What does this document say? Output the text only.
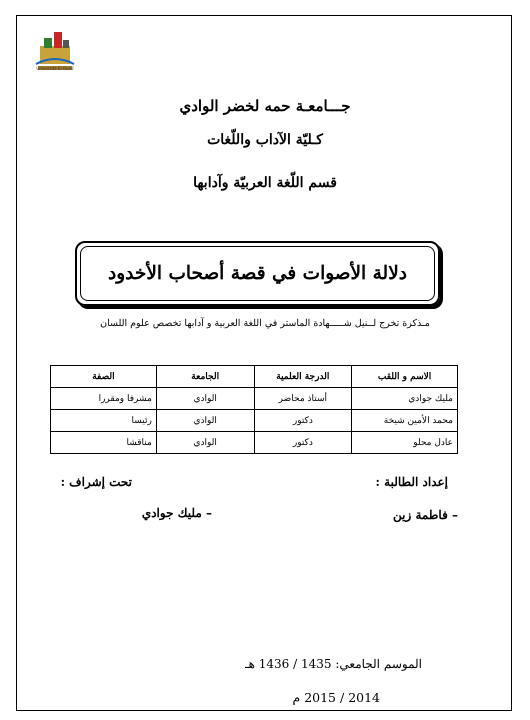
Université El Oued
جـــامعـة حمه لخضر الوادي
كـليّة الآداب واللّغات
قسم اللّغة العربيّة وآدابها
دلالة الأصوات في قصة أصحاب الأخدود
مـذكرة تخرج لــنيل شـــــهادة الماستر في اللغة العربية و آدابها تخصص علوم اللسان
الاسم و اللقب	الدرجة العلمية	الجامعة	الصفة
مليك جوادي	أستاذ محاضر	الوادي	مشرفا ومقررا
محمد الأمين شيخة	دكتور	الوادي	رئيسا
عادل محلو	دكتور	الوادي	مناقشا
إعداد الطالبة :
تحت إشراف :
– فاطمة زين
– مليك جوادي
الموسم الجامعي: 1435 / 1436 هـ
2014 / 2015 م
